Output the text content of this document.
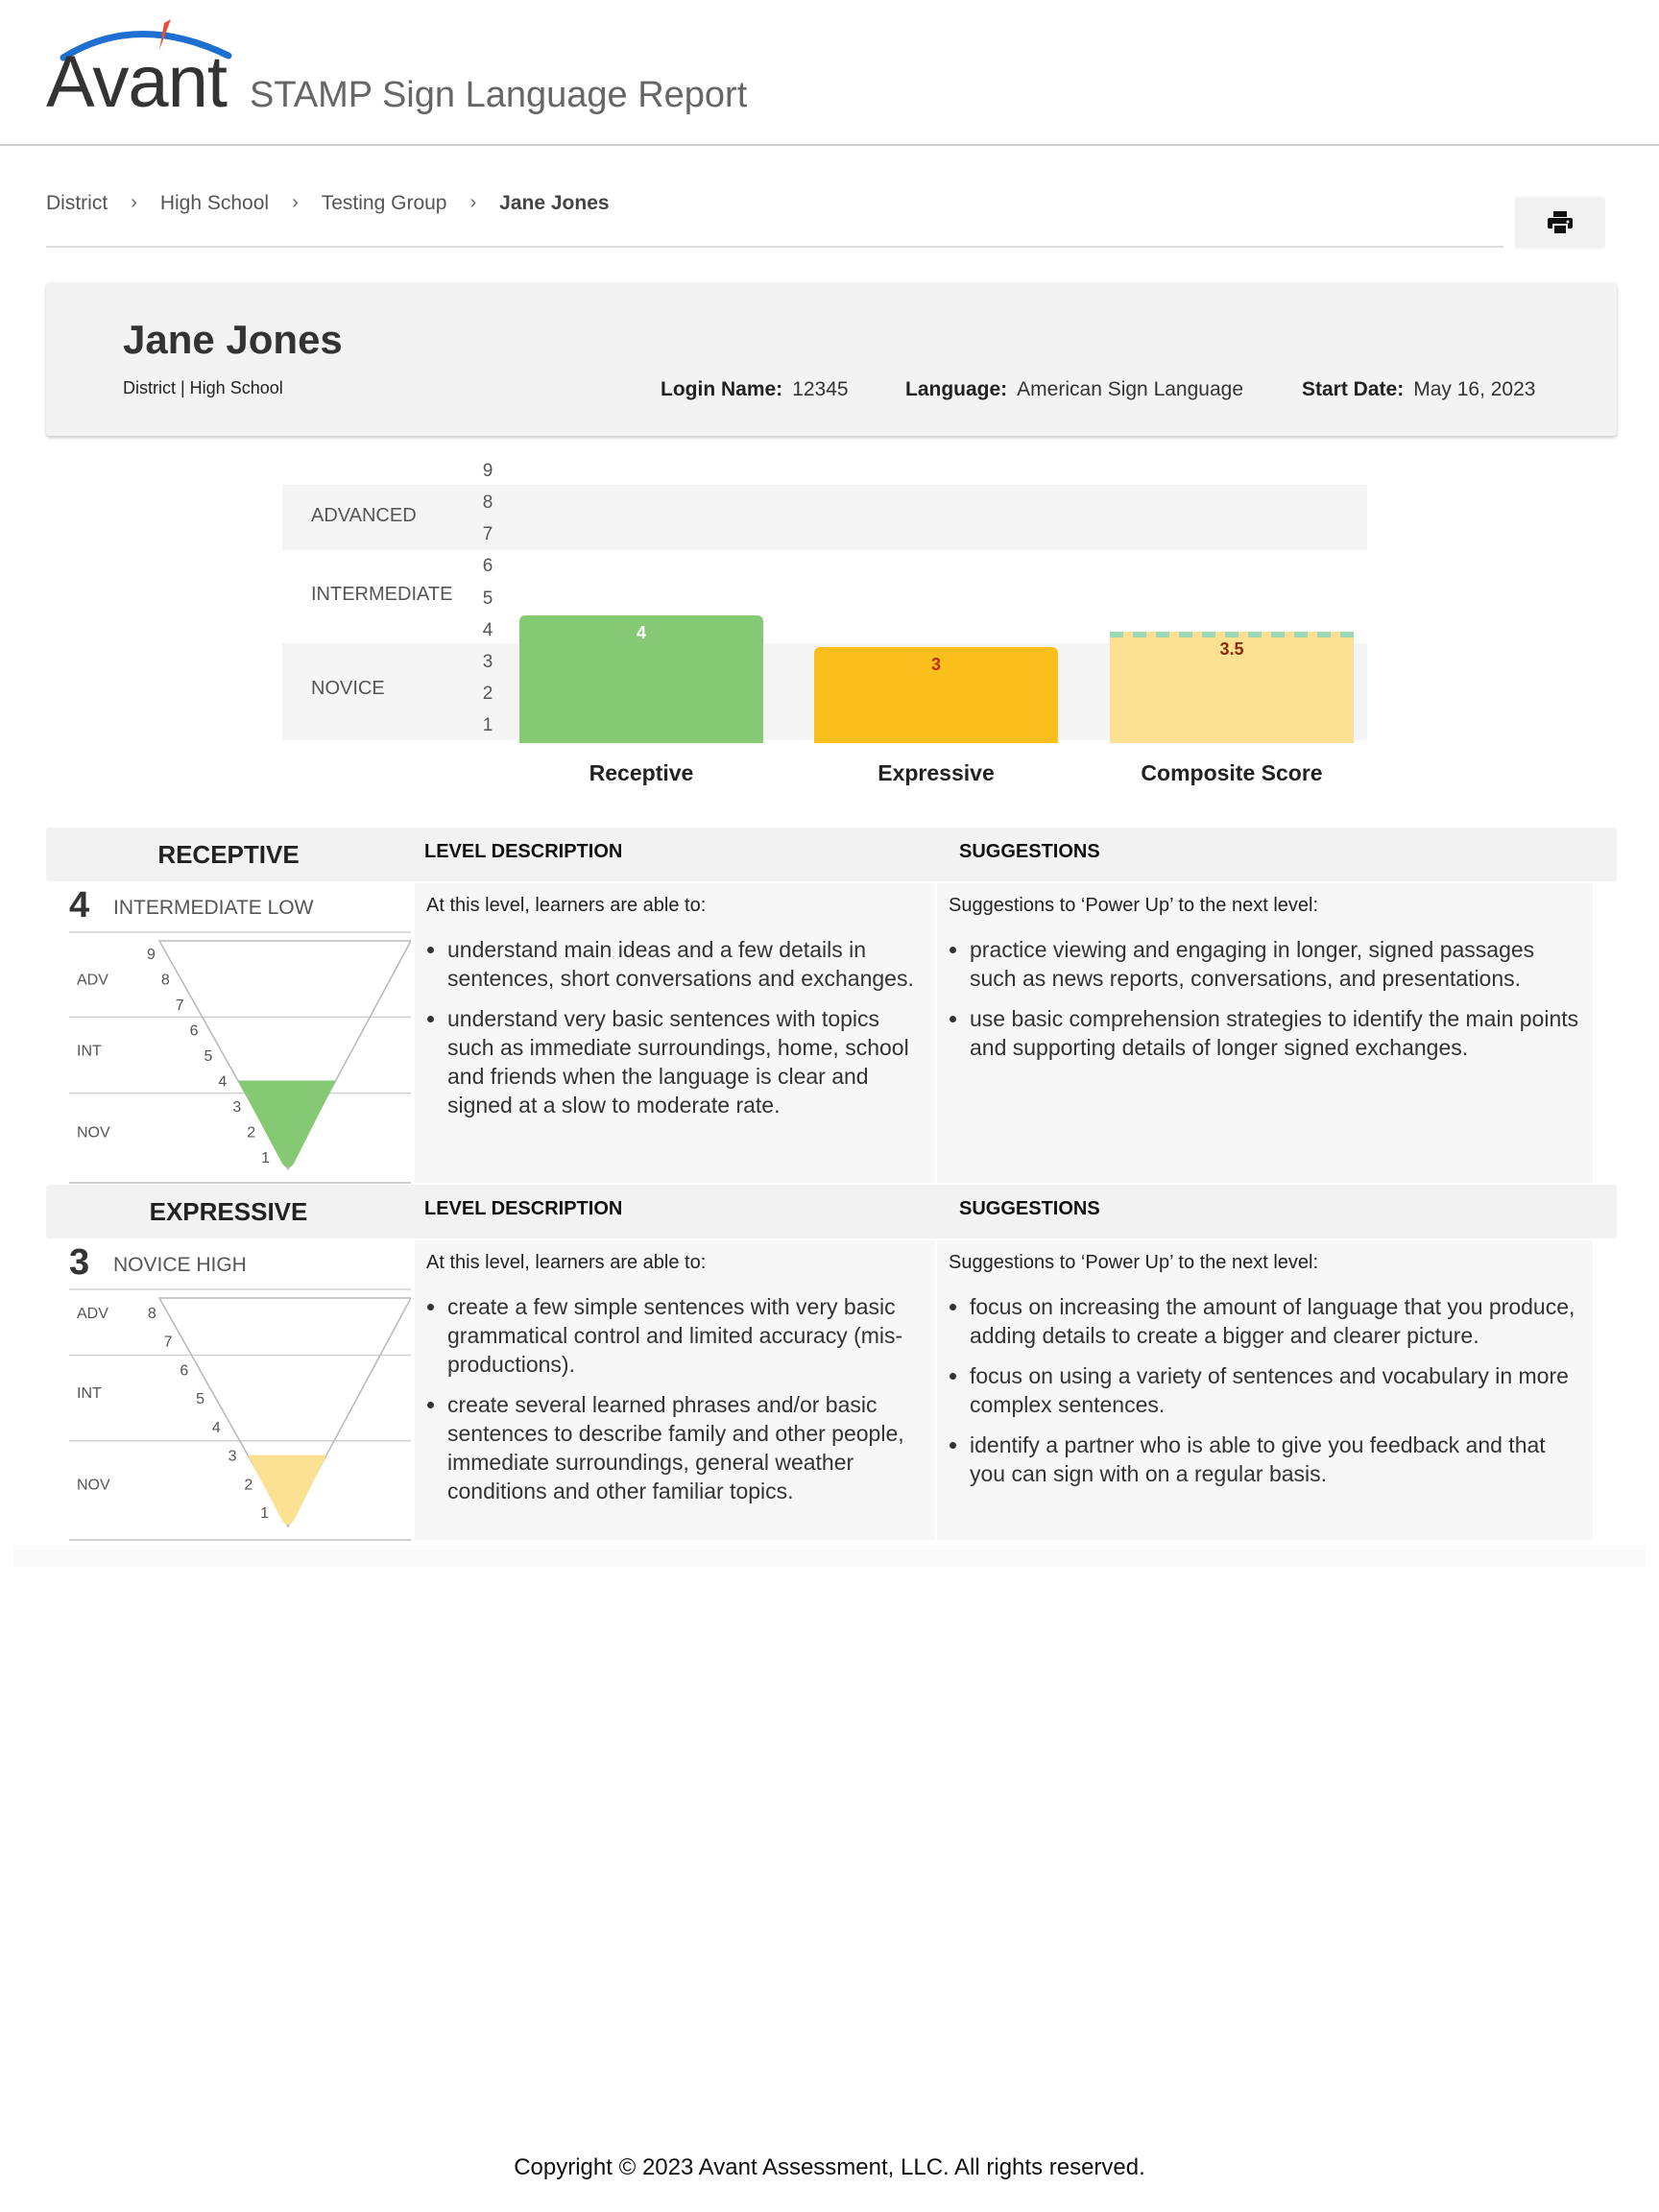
Avant STAMP Sign Language Report
District › High School › Testing Group › Jane Jones
Jane Jones
District | High School	Login Name: 12345	Language: American Sign Language	Start Date: May 16, 2023
ADVANCED
INTERMEDIATE
NOVICE
9
8
7
6
5
4
3
2
1
4
Receptive
3
Expressive
3.5
Composite Score
RECEPTIVE	LEVEL DESCRIPTION	SUGGESTIONS
4 INTERMEDIATE LOW
9
8
7
6
5
4
3
2
1
ADV
INT
NOV
At this level, learners are able to:
• understand main ideas and a few details in sentences, short conversations and exchanges.
• understand very basic sentences with topics such as immediate surroundings, home, school and friends when the language is clear and signed at a slow to moderate rate.
Suggestions to ‘Power Up’ to the next level:
• practice viewing and engaging in longer, signed passages such as news reports, conversations, and presentations.
• use basic comprehension strategies to identify the main points and supporting details of longer signed exchanges.
EXPRESSIVE	LEVEL DESCRIPTION	SUGGESTIONS
3 NOVICE HIGH
8
7
6
5
4
3
2
1
ADV
INT
NOV
At this level, learners are able to:
• create a few simple sentences with very basic grammatical control and limited accuracy (mis-productions).
• create several learned phrases and/or basic sentences to describe family and other people, immediate surroundings, general weather conditions and other familiar topics.
Suggestions to ‘Power Up’ to the next level:
• focus on increasing the amount of language that you produce, adding details to create a bigger and clearer picture.
• focus on using a variety of sentences and vocabulary in more complex sentences.
• identify a partner who is able to give you feedback and that you can sign with on a regular basis.
Copyright © 2023 Avant Assessment, LLC. All rights reserved.
